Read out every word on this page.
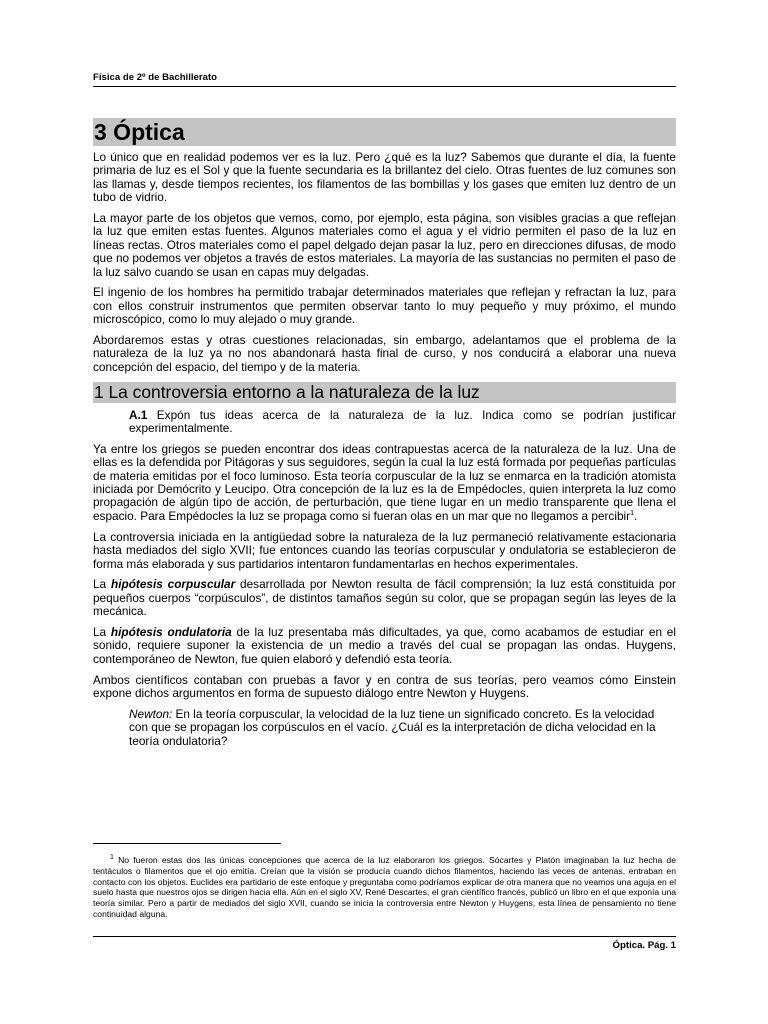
Física de 2º de Bachillerato
3 Óptica

Lo único que en realidad podemos ver es la luz. Pero ¿qué es la luz? Sabemos que durante el día, la fuente primaria de luz es el Sol y que la fuente secundaria es la brillantez del cielo. Otras fuentes de luz comunes son las llamas y, desde tiempos recientes, los filamentos de las bombillas y los gases que emiten luz dentro de un tubo de vidrio.

La mayor parte de los objetos que vemos, como, por ejemplo, esta página, son visibles gracias a que reflejan la luz que emiten estas fuentes. Algunos materiales como el agua y el vidrio permiten el paso de la luz en líneas rectas. Otros materiales como el papel delgado dejan pasar la luz, pero en direcciones difusas, de modo que no podemos ver objetos a través de estos materiales. La mayoría de las sustancias no permiten el paso de la luz salvo cuando se usan en capas muy delgadas.

El ingenio de los hombres ha permitido trabajar determinados materiales que reflejan y refractan la luz, para con ellos construir instrumentos que permiten observar tanto lo muy pequeño y muy próximo, el mundo microscópico, como lo muy alejado o muy grande.

Abordaremos estas y otras cuestiones relacionadas, sin embargo, adelantamos que el problema de la naturaleza de la luz ya no nos abandonará hasta final de curso, y nos conducirá a elaborar una nueva concepción del espacio, del tiempo y de la materia.

1 La controversia entorno a la naturaleza de la luz

A.1 Expón tus ideas acerca de la naturaleza de la luz. Indica como se podrían justificar experimentalmente.

Ya entre los griegos se pueden encontrar dos ideas contrapuestas acerca de la naturaleza de la luz. Una de ellas es la defendida por Pitágoras y sus seguidores, según la cual la luz está formada por pequeñas partículas de materia emitidas por el foco luminoso. Esta teoría corpuscular de la luz se enmarca en la tradición atomista iniciada por Demócrito y Leucipo. Otra concepción de la luz es la de Empédocles, quien interpreta la luz como propagación de algún tipo de acción, de perturbación, que tiene lugar en un medio transparente que llena el espacio. Para Empédocles la luz se propaga como si fueran olas en un mar que no llegamos a percibir$^1$.

La controversia iniciada en la antigüedad sobre la naturaleza de la luz permaneció relativamente estacionaria hasta mediados del siglo XVII; fue entonces cuando las teorías corpuscular y ondulatoria se establecieron de forma más elaborada y sus partidarios intentaron fundamentarlas en hechos experimentales.

La hipótesis corpuscular desarrollada por Newton resulta de fácil comprensión; la luz está constituida por pequeños cuerpos “corpúsculos”, de distintos tamaños según su color, que se propagan según las leyes de la mecánica.

La hipótesis ondulatoria de la luz presentaba más dificultades, ya que, como acabamos de estudiar en el sonido, requiere suponer la existencia de un medio a través del cual se propagan las ondas. Huygens, contemporáneo de Newton, fue quien elaboró y defendió esta teoría.

Ambos científicos contaban con pruebas a favor y en contra de sus teorías, pero veamos cómo Einstein expone dichos argumentos en forma de supuesto diálogo entre Newton y Huygens.

Newton: En la teoría corpuscular, la velocidad de la luz tiene un significado concreto. Es la velocidad con que se propagan los corpúsculos en el vacío. ¿Cuál es la interpretación de dicha velocidad en la teoría ondulatoria?

$^1$ No fueron estas dos las únicas concepciones que acerca de la luz elaboraron los griegos. Sócartes y Platón imaginaban la luz hecha de tentáculos o filamentos que el ojo emitía. Creían que la visión se producía cuando dichos filamentos, haciendo las veces de antenas, entraban en contacto con los objetos. Euclides era partidario de este enfoque y preguntaba como podríamos explicar de otra manera que no veamos una aguja en el suelo hasta que nuestros ojos se dirigen hacia ella. Aún en el siglo XV, René Descartes, el gran científico francés, publicó un libro en el que exponía una teoría similar. Pero a partir de mediados del siglo XVII, cuando se inicia la controversia entre Newton y Huygens, esta línea de pensamiento no tiene continuidad alguna.

Óptica. Pág. 1
